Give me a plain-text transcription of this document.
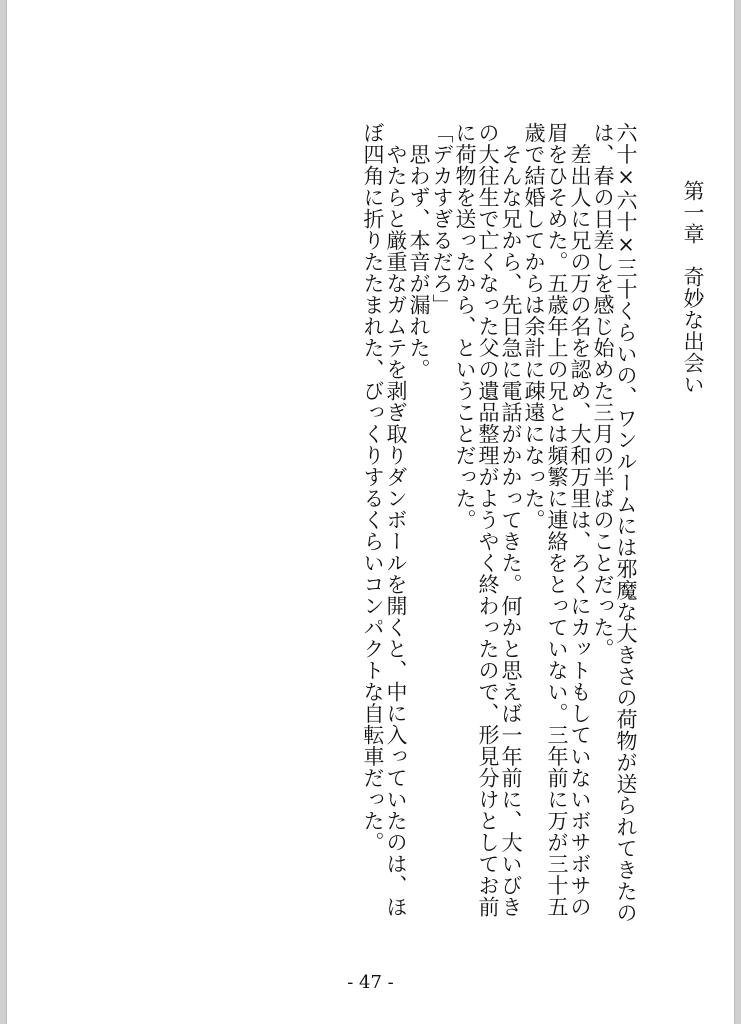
第一章　奇妙な出会い
六十×六十×三十くらいの、ワンルームには邪魔な大きさの荷物が送られてきたのは、春の日差しを感じ始めた三月の半ばのことだった。
　差出人に兄の万の名を認め、大和万里は、ろくにカットもしていないボサボサの眉をひそめた。五歳年上の兄とは頻繁に連絡をとっていない。三年前に万が三十五歳で結婚してからは余計に疎遠になった。
　そんな兄から、先日急に電話がかかってきた。何かと思えば一年前に、大いびきの大往生で亡くなった父の遺品整理がようやく終わったので、形見分けとしてお前に荷物を送ったから、ということだった。
「デカすぎるだろ」
　思わず、本音が漏れた。
　やたらと厳重なガムテを剥ぎ取りダンボールを開くと、中に入っていたのは、ほぼ四角に折りたたまれた、びっくりするくらいコンパクトな自転車だった。
- 47 -
